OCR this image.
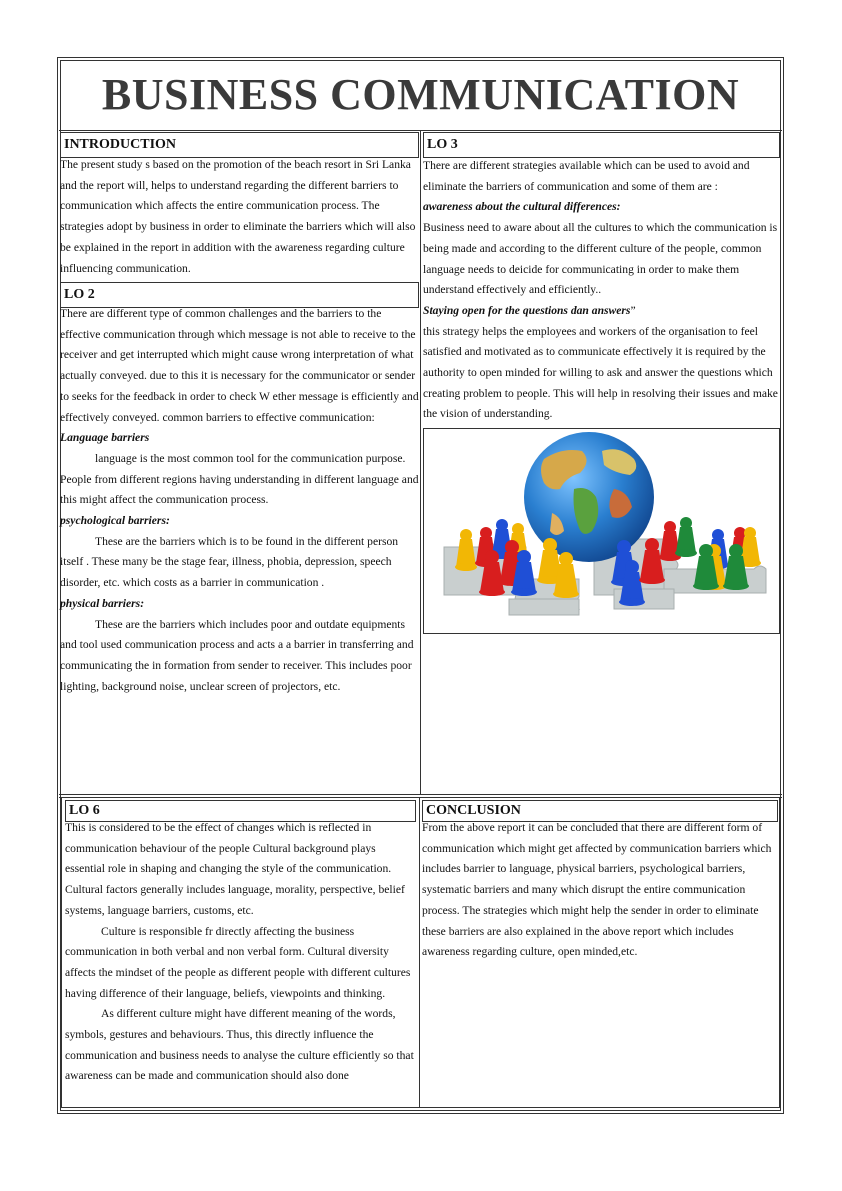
BUSINESS COMMUNICATION
INTRODUCTION

The present study s based on the promotion of the beach resort in Sri Lanka and the report will, helps to understand regarding the different barriers to communication which affects the entire communication process. The strategies adopt by business in order to eliminate the barriers which will also be explained in the report in addition with the awareness regarding culture influencing communication.

LO 2

There are different type of common challenges and the barriers to the effective communication through which message is not able to receive to the receiver and get interrupted which might cause wrong interpretation of what actually conveyed. due to this it is necessary for the communicator or sender to seeks for the feedback in order to check W ether message is efficiently and effectively conveyed. common barriers to effective communication:

Language barriers

language is the most common tool for the communication purpose. People from different regions having understanding in different language and this might affect the communication process.

psychological barriers:

These are the barriers which is to be found in the different person itself . These many be the stage fear, illness, phobia, depression, speech disorder, etc. which costs as a barrier in communication .

physical barriers:

These are the barriers which includes poor and outdate equipments and tool used communication process and acts a a barrier in transferring and communicating the in formation from sender to receiver. This includes poor lighting, background noise, unclear screen of projectors, etc.

LO 3

There are different strategies available which can be used to avoid and eliminate the barriers of communication and some of them are :

awareness about the cultural differences:

Business need to aware about all the cultures to which the communication is being made and according to the different culture of the people, common language needs to deicide for communicating in order to make them understand effectively and efficiently..

Staying open for the questions dan answers”

this strategy helps the employees and workers of the organisation to feel satisfied and motivated as to communicate effectively it is required by the authority to open minded for willing to ask and answer the questions which creating problem to people. This will help in resolving their issues and make the vision of understanding.

LO 6

This is considered to be the effect of changes which is reflected in communication behaviour of the people Cultural background plays essential role in shaping and changing the style of the communication. Cultural factors generally includes language, morality, perspective, belief systems, language barriers, customs, etc.

Culture is responsible fr directly affecting the business communication in both verbal and non verbal form. Cultural diversity affects the mindset of the people as different people with different cultures having difference of their language, beliefs, viewpoints and thinking.

As different culture might have different meaning of the words, symbols, gestures and behaviours. Thus, this directly influence the communication and business needs to analyse the culture efficiently so that awareness can be made and communication should also done

CONCLUSION

From the above report it can be concluded that there are different form of communication which might get affected by communication barriers which includes barrier to language, physical barriers, psychological barriers, systematic barriers and many which disrupt the entire communication process. The strategies which might help the sender in order to eliminate these barriers are also explained in the above report which includes awareness regarding culture, open minded,etc.
